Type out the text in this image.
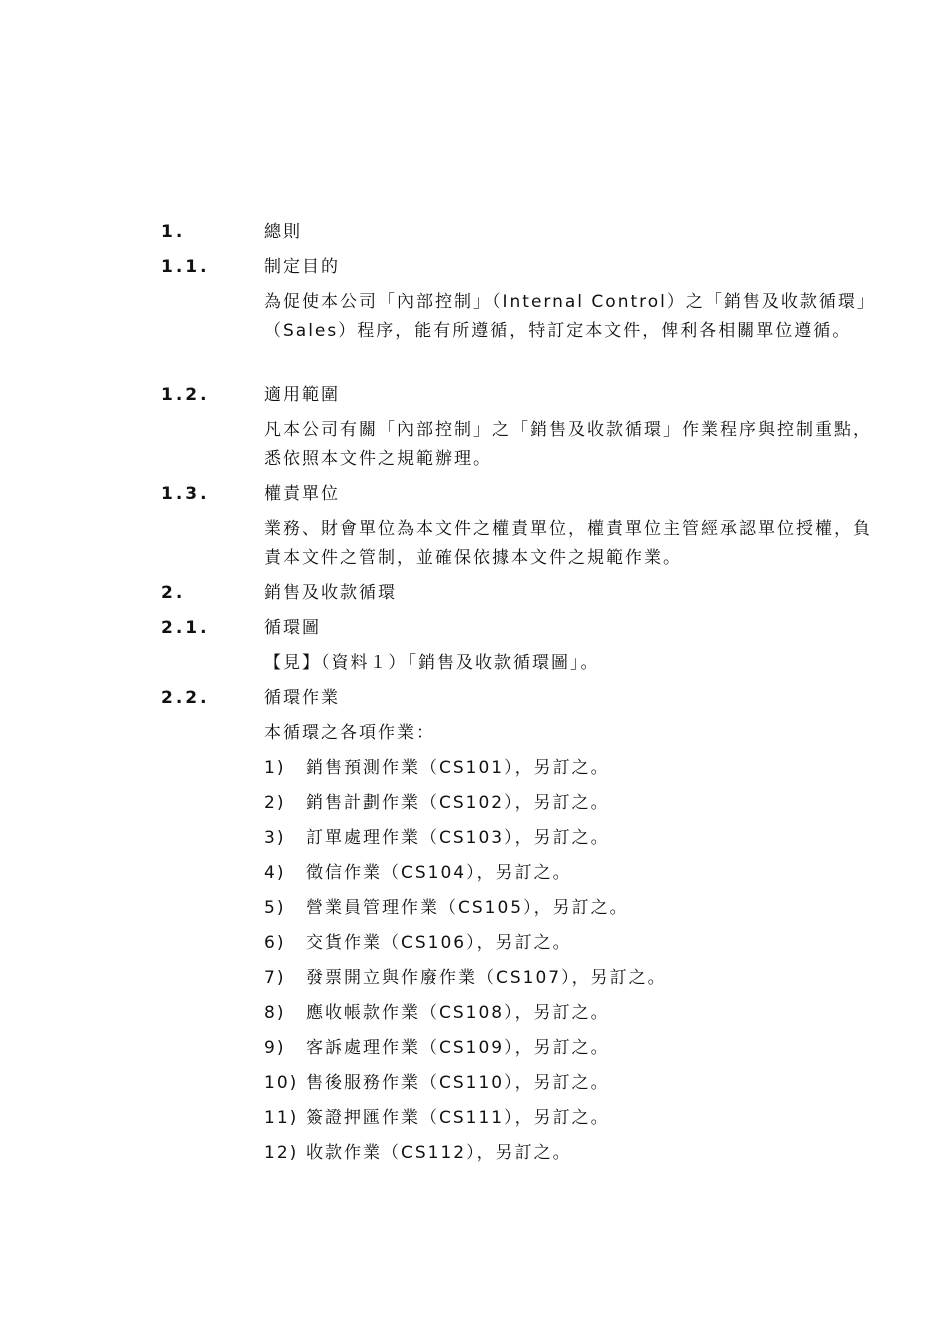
1.	總則
1.1.	制定目的

為促使本公司「內部控制」（Internal Control）之「銷售及收款循環」（Sales）程序，能有所遵循，特訂定本文件，俾利各相關單位遵循。

1.2.	適用範圍

凡本公司有關「內部控制」之「銷售及收款循環」作業程序與控制重點，悉依照本文件之規範辦理。

1.3.	權責單位

業務、財會單位為本文件之權責單位，權責單位主管經承認單位授權，負責本文件之管制，並確保依據本文件之規範作業。

2.	銷售及收款循環
2.1.	循環圖
【見】（資料１）「銷售及收款循環圖」。
2.2.	循環作業
本循環之各項作業：
1) 銷售預測作業（CS101），另訂之。
2) 銷售計劃作業（CS102），另訂之。
3) 訂單處理作業（CS103），另訂之。
4) 徵信作業（CS104），另訂之。
5) 營業員管理作業（CS105），另訂之。
6) 交貨作業（CS106），另訂之。
7) 發票開立與作廢作業（CS107），另訂之。
8) 應收帳款作業（CS108），另訂之。
9) 客訴處理作業（CS109），另訂之。
10) 售後服務作業（CS110），另訂之。
11) 簽證押匯作業（CS111），另訂之。
12) 收款作業（CS112），另訂之。
